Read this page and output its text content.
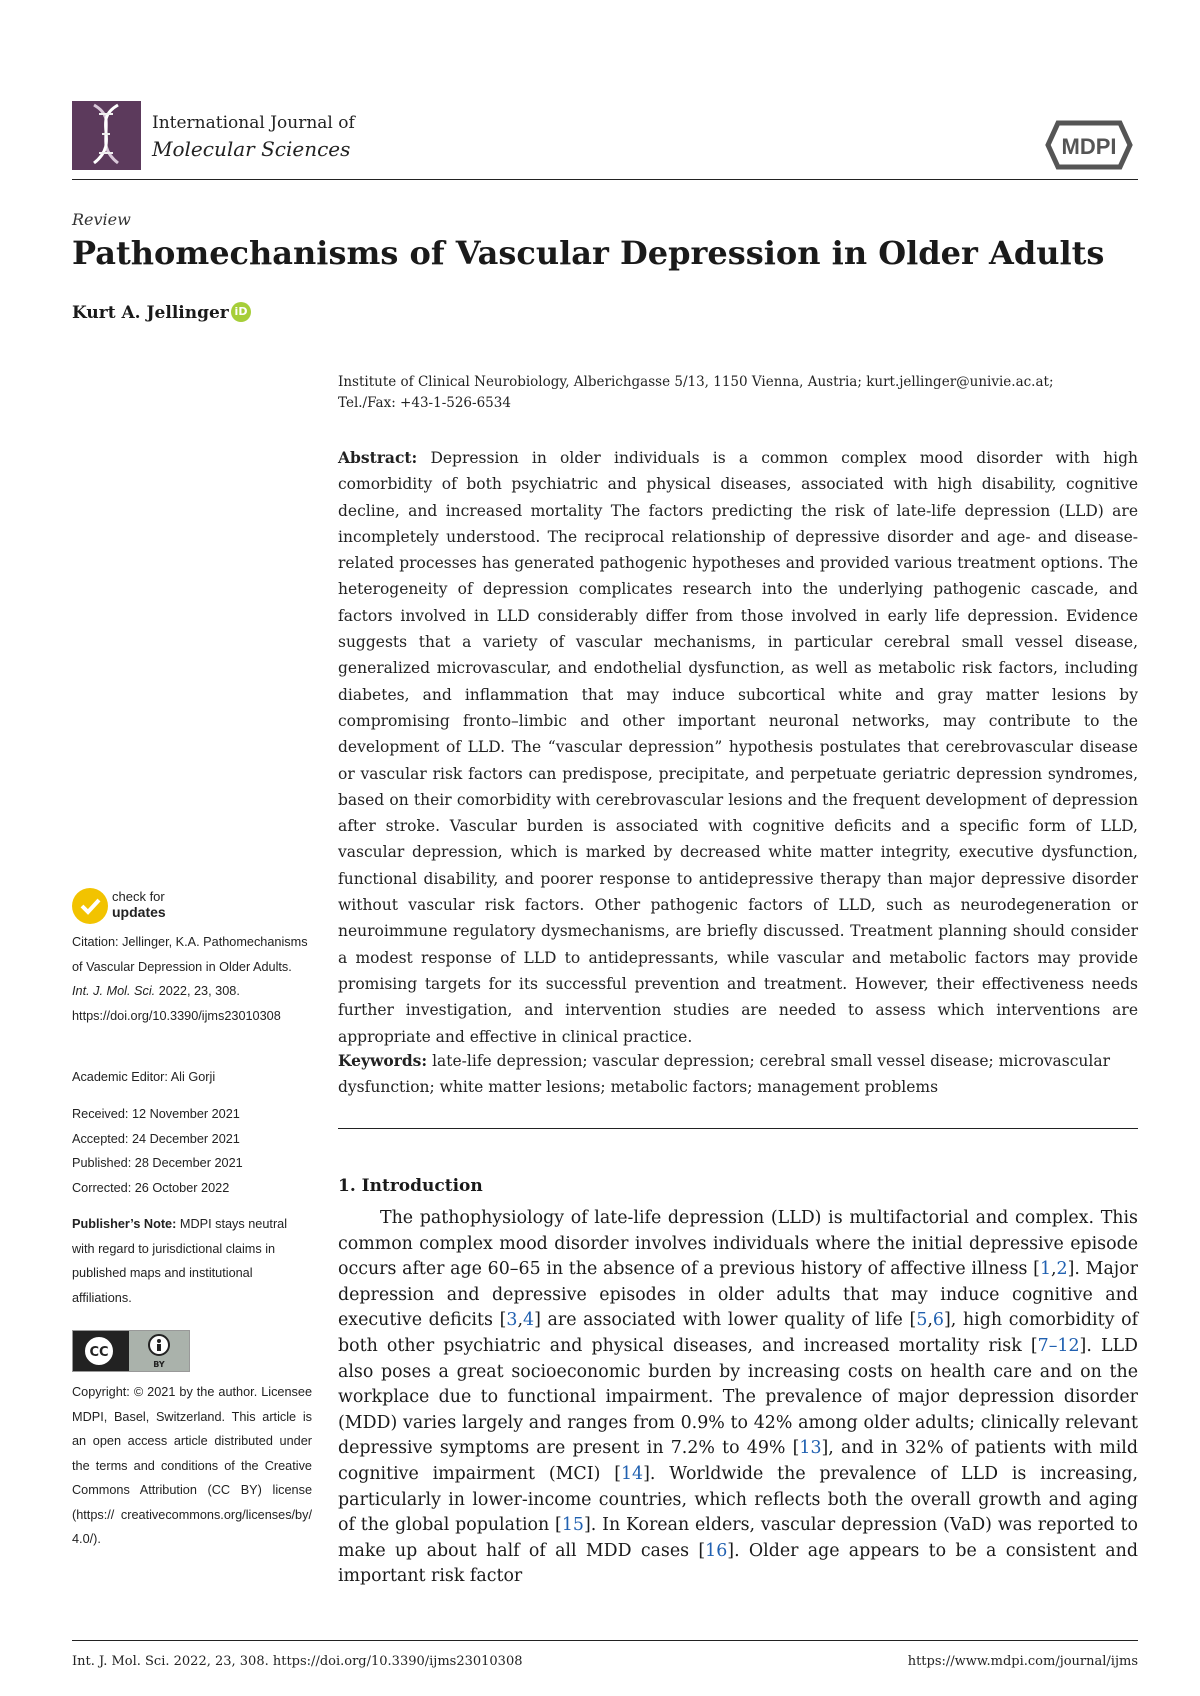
International Journal of
Molecular Sciences	MDPI
Review
Pathomechanisms of Vascular Depression in Older Adults
Kurt A. Jellinger iD
Institute of Clinical Neurobiology, Alberichgasse 5/13, 1150 Vienna, Austria; kurt.jellinger@univie.ac.at;
Tel./Fax: +43-1-526-6534
Abstract: Depression in older individuals is a common complex mood disorder with high comorbidity of both psychiatric and physical diseases, associated with high disability, cognitive decline, and increased mortality The factors predicting the risk of late-life depression (LLD) are incompletely understood. The reciprocal relationship of depressive disorder and age- and disease-related processes has generated pathogenic hypotheses and provided various treatment options. The heterogeneity of depression complicates research into the underlying pathogenic cascade, and factors involved in LLD considerably differ from those involved in early life depression. Evidence suggests that a variety of vascular mechanisms, in particular cerebral small vessel disease, generalized microvascular, and endothelial dysfunction, as well as metabolic risk factors, including diabetes, and inflammation that may induce subcortical white and gray matter lesions by compromising fronto–limbic and other important neuronal networks, may contribute to the development of LLD. The “vascular depression” hypothesis postulates that cerebrovascular disease or vascular risk factors can predispose, precipitate, and perpetuate geriatric depression syndromes, based on their comorbidity with cerebrovascular lesions and the frequent development of depression after stroke. Vascular burden is associated with cognitive deficits and a specific form of LLD, vascular depression, which is marked by decreased white matter integrity, executive dysfunction, functional disability, and poorer response to antidepressive therapy than major depressive disorder without vascular risk factors. Other pathogenic factors of LLD, such as neurodegeneration or neuroimmune regulatory dysmechanisms, are briefly discussed. Treatment planning should consider a modest response of LLD to antidepressants, while vascular and metabolic factors may provide promising targets for its successful prevention and treatment. However, their effectiveness needs further investigation, and intervention studies are needed to assess which interventions are appropriate and effective in clinical practice.
Keywords: late-life depression; vascular depression; cerebral small vessel disease; microvascular dysfunction; white matter lesions; metabolic factors; management problems
1. Introduction
The pathophysiology of late-life depression (LLD) is multifactorial and complex. This common complex mood disorder involves individuals where the initial depressive episode occurs after age 60–65 in the absence of a previous history of affective illness [1,2]. Major depression and depressive episodes in older adults that may induce cognitive and executive deficits [3,4] are associated with lower quality of life [5,6], high comorbidity of both other psychiatric and physical diseases, and increased mortality risk [7–12]. LLD also poses a great socioeconomic burden by increasing costs on health care and on the workplace due to functional impairment. The prevalence of major depression disorder (MDD) varies largely and ranges from 0.9% to 42% among older adults; clinically relevant depressive symptoms are present in 7.2% to 49% [13], and in 32% of patients with mild cognitive impairment (MCI) [14]. Worldwide the prevalence of LLD is increasing, particularly in lower-income countries, which reflects both the overall growth and aging of the global population [15]. In Korean elders, vascular depression (VaD) was reported to make up about half of all MDD cases [16]. Older age appears to be a consistent and important risk factor
check for
updates
Citation: Jellinger, K.A. Pathomechanisms of Vascular Depression in Older Adults. Int. J. Mol. Sci. 2022, 23, 308. https://doi.org/10.3390/ijms23010308
Academic Editor: Ali Gorji
Received: 12 November 2021
Accepted: 24 December 2021
Published: 28 December 2021
Corrected: 26 October 2022
Publisher’s Note: MDPI stays neutral with regard to jurisdictional claims in published maps and institutional affiliations.
CC
BY
Copyright: © 2021 by the author. Licensee MDPI, Basel, Switzerland. This article is an open access article distributed under the terms and conditions of the Creative Commons Attribution (CC BY) license (https:// creativecommons.org/licenses/by/ 4.0/).
Int. J. Mol. Sci. 2022, 23, 308. https://doi.org/10.3390/ijms23010308	https://www.mdpi.com/journal/ijms
